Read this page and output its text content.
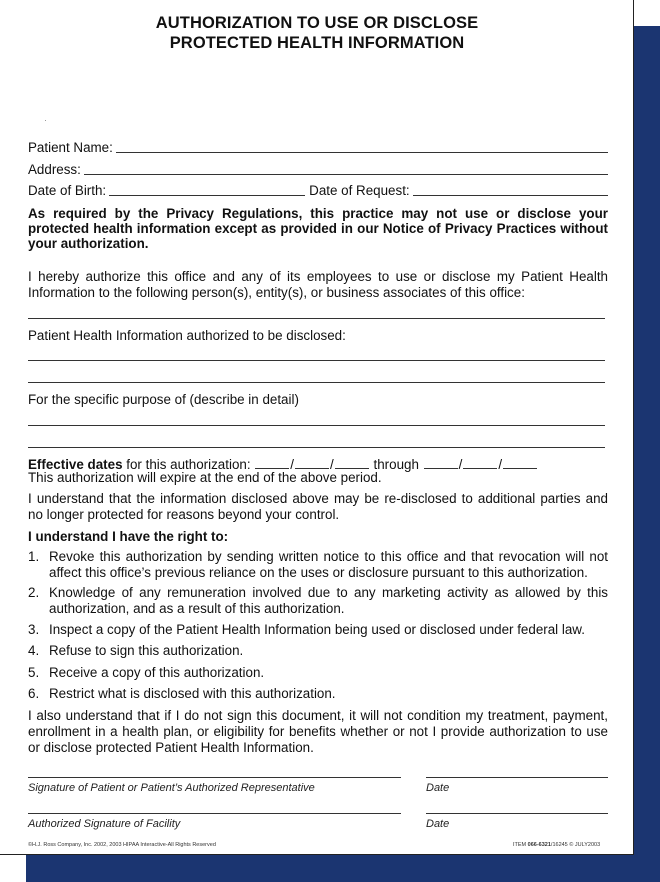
AUTHORIZATION TO USE OR DISCLOSE
PROTECTED HEALTH INFORMATION
Patient Name:
Address:
Date of Birth:	Date of Request:
As required by the Privacy Regulations, this practice may not use or disclose your protected health information except as provided in our Notice of Privacy Practices without your authorization.
I hereby authorize this office and any of its employees to use or disclose my Patient Health Information to the following person(s), entity(s), or business associates of this office:
Patient Health Information authorized to be disclosed:
For the specific purpose of (describe in detail)
Effective dates for this authorization:	/	/	through	/	/
This authorization will expire at the end of the above period.
I understand that the information disclosed above may be re-disclosed to additional parties and no longer protected for reasons beyond your control.
I understand I have the right to:
1. Revoke this authorization by sending written notice to this office and that revocation will not affect this office’s previous reliance on the uses or disclosure pursuant to this authorization.
2. Knowledge of any remuneration involved due to any marketing activity as allowed by this authorization, and as a result of this authorization.
3. Inspect a copy of the Patient Health Information being used or disclosed under federal law.
4. Refuse to sign this authorization.
5. Receive a copy of this authorization.
6. Restrict what is disclosed with this authorization.
I also understand that if I do not sign this document, it will not condition my treatment, payment, enrollment in a health plan, or eligibility for benefits whether or not I provide authorization to use or disclose protected Patient Health Information.
Signature of Patient or Patient’s Authorized Representative	Date
Authorized Signature of Facility	Date
©H.J. Ross Company, Inc. 2002, 2003 HIPAA Interactive-All Rights Reserved	ITEM 066-6321/16245 © JULY2003
